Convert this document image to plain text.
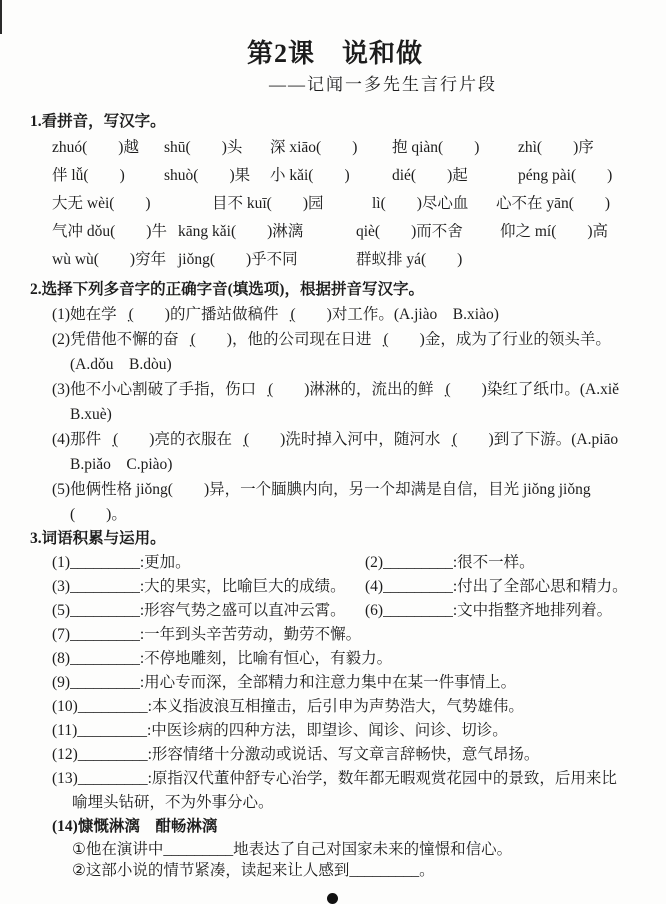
第2课　说和做
——记闻一多先生言行片段
1.看拼音，写汉字。
zhuó(　　)越	shū(　　)头	深 xiāo(　　)	抱 qiàn(　　)	zhì(　　)序
伴 lǚ(　　)	shuò(　　)果	小 kǎi(　　)	dié(　　)起	péng pài(　　)
大无 wèi(　　)	目不 kuī(　　)园	lì(　　)尽心血	心不在 yān(　　)
气冲 dǒu(　　)牛 kāng kǎi(　　)淋漓	qiè(　　)而不舍	仰之 mí(　　)高
wù wù(　　)穷年 jiǒng(　　)乎不同	群蚁排 yá(　　)
2.选择下列多音字的正确字音(填选项)，根据拼音写汉字。
(1)她在学校̣(　　)的广播站做稿件校̣(　　)对工作。(A.jiào　B.xiào)
(2)凭借他不懈的奋斗̣(　　)，他的公司现在日进斗̣(　　)金，成为了行业的领头羊。
(A.dǒu　B.dòu)
(3)他不小心割破了手指，伤口血̣(　　)淋淋的，流出的鲜血̣(　　)染红了纸巾。(A.xiě
B.xuè)
(4)那件漂̣(　　)亮的衣服在漂̣(　　)洗时掉入河中，随河水漂̣(　　)到了下游。(A.piāo
B.piǎo　C.piào)
(5)他俩性格 jiǒng(　　)异，一个腼腆内向，另一个却满是自信，目光 jiǒng jiǒng
(　　)。
3.词语积累与运用。
(1)_________:更加。	(2)_________:很不一样。
(3)_________:大的果实，比喻巨大的成绩。	(4)_________:付出了全部心思和精力。
(5)_________:形容气势之盛可以直冲云霄。	(6)_________:文中指整齐地排列着。
(7)_________:一年到头辛苦劳动，勤劳不懈。
(8)_________:不停地雕刻，比喻有恒心，有毅力。
(9)_________:用心专而深，全部精力和注意力集中在某一件事情上。
(10)_________:本义指波浪互相撞击，后引申为声势浩大，气势雄伟。
(11)_________:中医诊病的四种方法，即望诊、闻诊、问诊、切诊。
(12)_________:形容情绪十分激动或说话、写文章言辞畅快，意气昂扬。
(13)_________:原指汉代董仲舒专心治学，数年都无暇观赏花园中的景致，后用来比
喻埋头钻研，不为外事分心。
(14)慷慨淋漓　酣畅淋漓
①他在演讲中_________地表达了自己对国家未来的憧憬和信心。
②这部小说的情节紧凑，读起来让人感到_________。
